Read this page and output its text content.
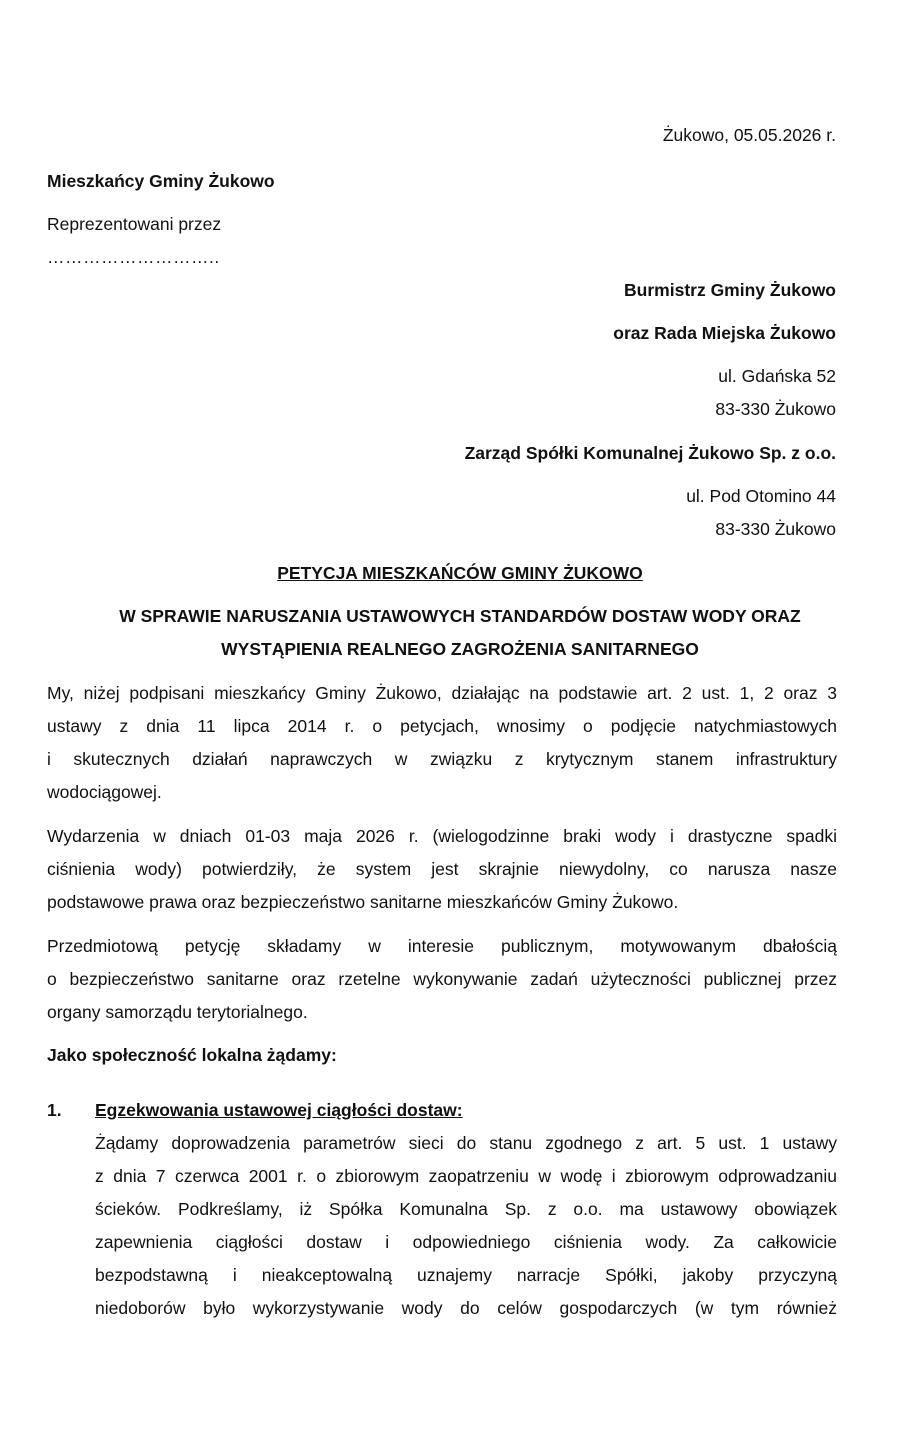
Żukowo, 05.05.2026 r.
Mieszkańcy Gminy Żukowo
Reprezentowani przez
………………………..
Burmistrz Gminy Żukowo
oraz Rada Miejska Żukowo
ul. Gdańska 52
83-330 Żukowo
Zarząd Spółki Komunalnej Żukowo Sp. z o.o.
ul. Pod Otomino 44
83-330 Żukowo
PETYCJA MIESZKAŃCÓW GMINY ŻUKOWO
W SPRAWIE NARUSZANIA USTAWOWYCH STANDARDÓW DOSTAW WODY ORAZ
WYSTĄPIENIA REALNEGO ZAGROŻENIA SANITARNEGO
My, niżej podpisani mieszkańcy Gminy Żukowo, działając na podstawie art. 2 ust. 1, 2 oraz 3
ustawy z dnia 11 lipca 2014 r. o petycjach, wnosimy o podjęcie natychmiastowych
i skutecznych działań naprawczych w związku z krytycznym stanem infrastruktury
wodociągowej.
Wydarzenia w dniach 01-03 maja 2026 r. (wielogodzinne braki wody i drastyczne spadki
ciśnienia wody) potwierdziły, że system jest skrajnie niewydolny, co narusza nasze
podstawowe prawa oraz bezpieczeństwo sanitarne mieszkańców Gminy Żukowo.
Przedmiotową petycję składamy w interesie publicznym, motywowanym dbałością
o bezpieczeństwo sanitarne oraz rzetelne wykonywanie zadań użyteczności publicznej przez
organy samorządu terytorialnego.
Jako społeczność lokalna żądamy:
1. Egzekwowania ustawowej ciągłości dostaw:
Żądamy doprowadzenia parametrów sieci do stanu zgodnego z art. 5 ust. 1 ustawy
z dnia 7 czerwca 2001 r. o zbiorowym zaopatrzeniu w wodę i zbiorowym odprowadzaniu
ścieków. Podkreślamy, iż Spółka Komunalna Sp. z o.o. ma ustawowy obowiązek
zapewnienia ciągłości dostaw i odpowiedniego ciśnienia wody. Za całkowicie
bezpodstawną i nieakceptowalną uznajemy narracje Spółki, jakoby przyczyną
niedoborów było wykorzystywanie wody do celów gospodarczych (w tym również
